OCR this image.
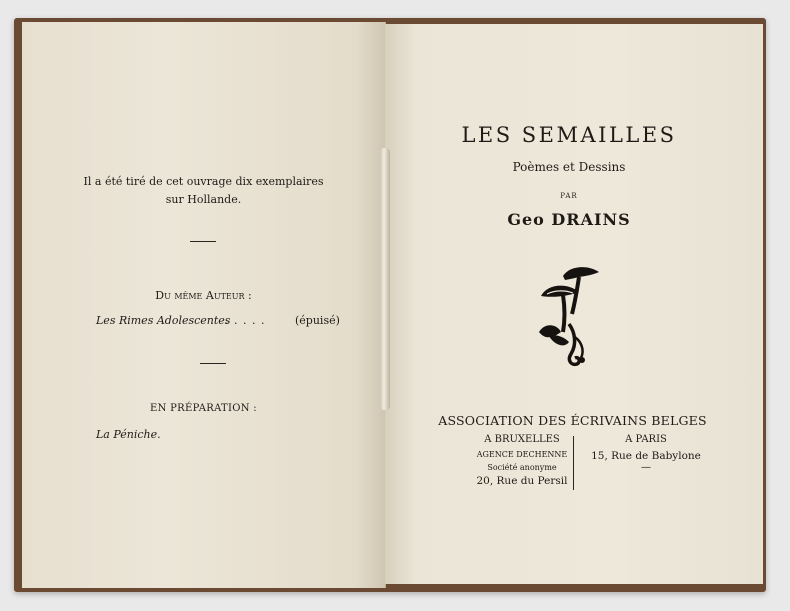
Il a été tiré de cet ouvrage dix exemplaires
sur Hollande.
Du même Auteur :
Les Rimes Adolescentes
. . . . .	(épuisé)
EN PRÉPARATION :
La Péniche.
LES SEMAILLES
Poèmes et Dessins
PAR
Geo DRAINS
ASSOCIATION DES ÉCRIVAINS BELGES
A BRUXELLES
AGENCE DECHENNE
Société anonyme
20, Rue du Persil
A PARIS
15, Rue de Babylone
—
